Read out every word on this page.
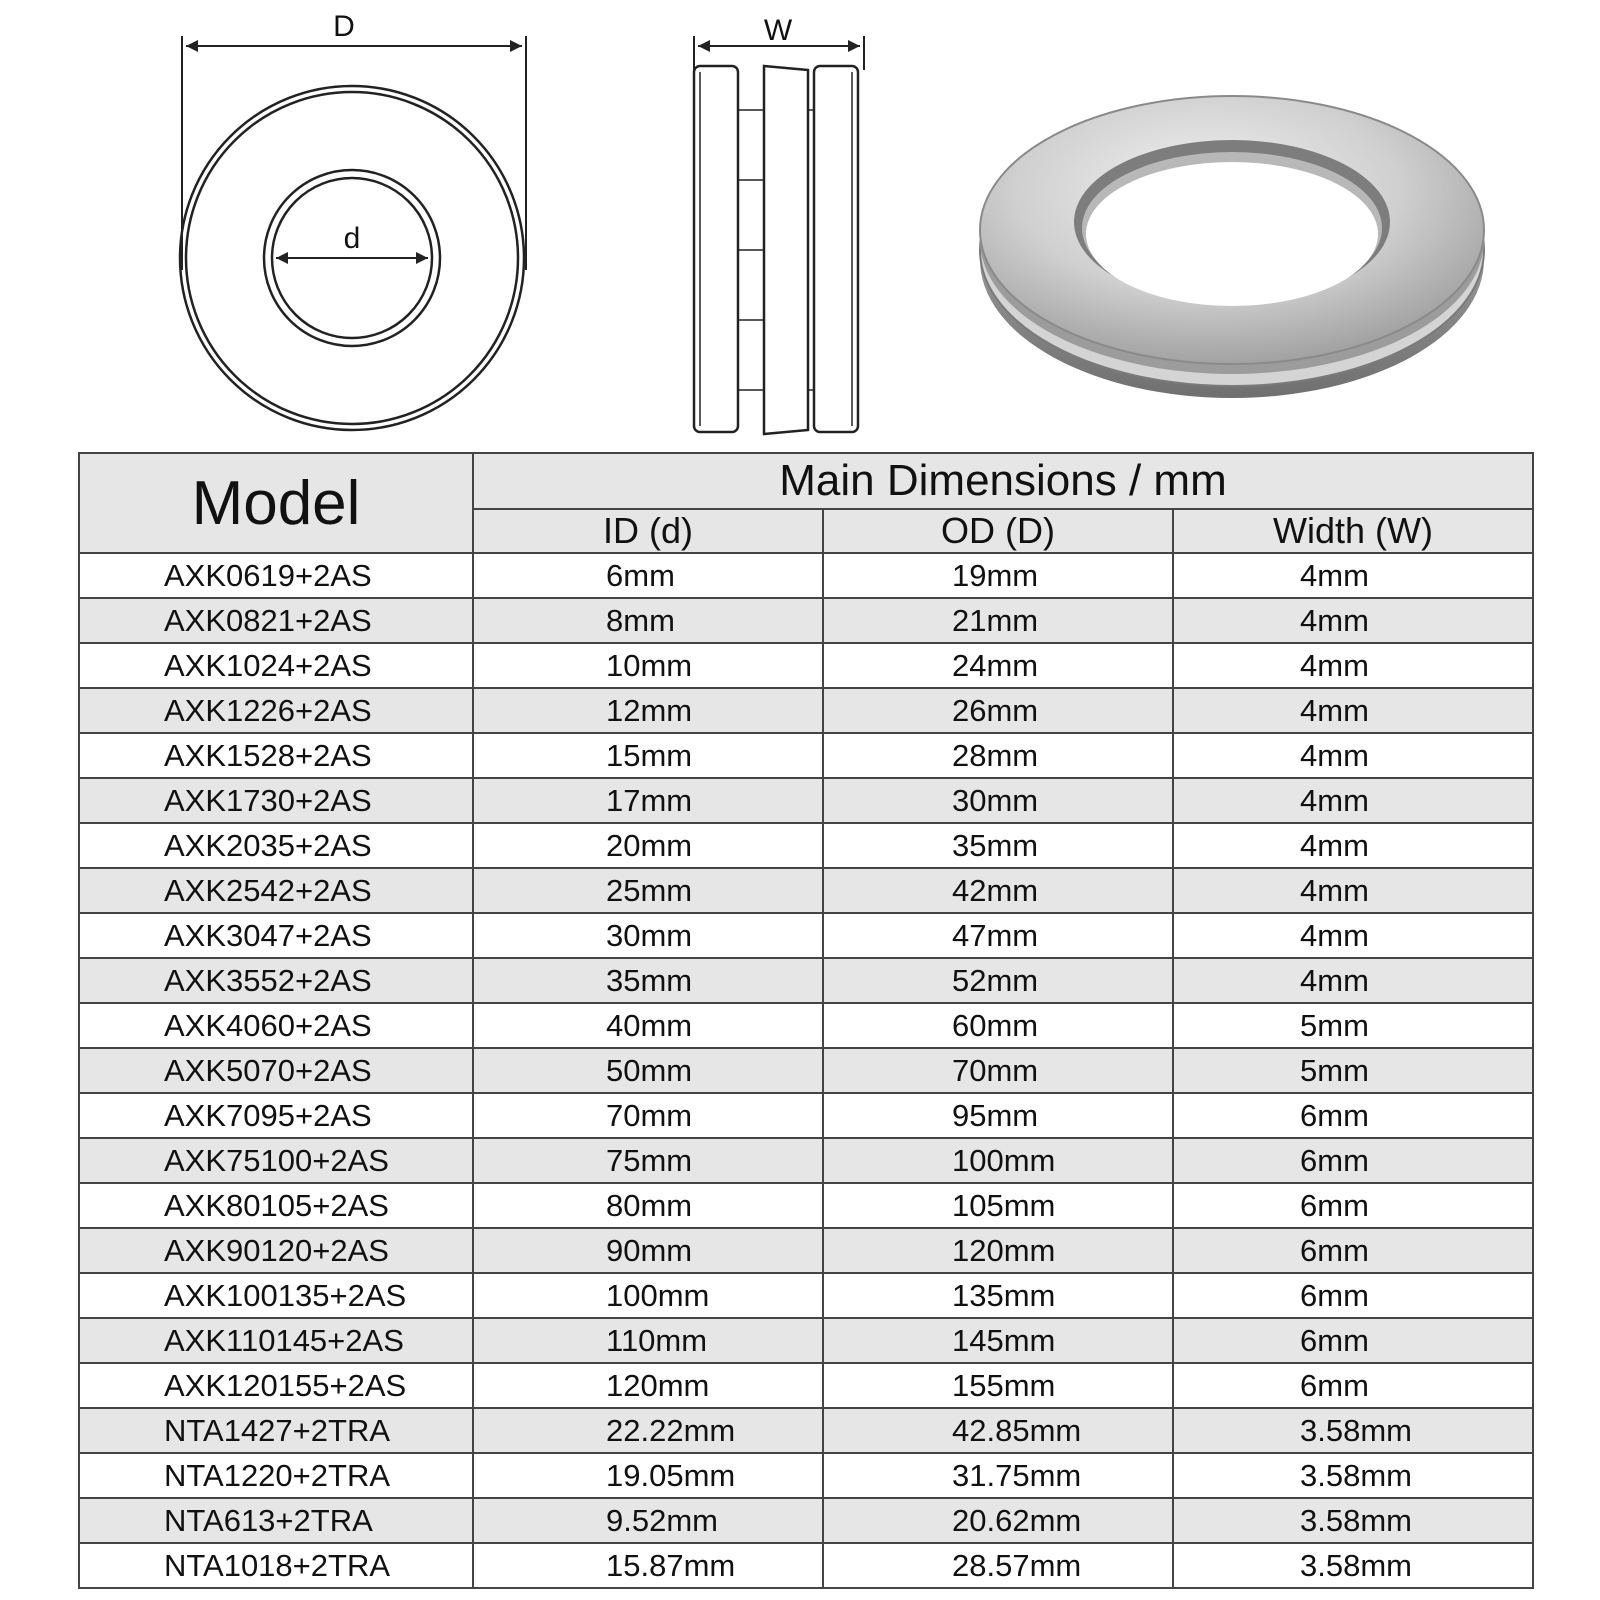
D
d
W
Model	Main Dimensions / mm		
	ID (d)	OD (D)	Width (W)
AXK0619+2AS	6mm	19mm	4mm
AXK0821+2AS	8mm	21mm	4mm
AXK1024+2AS	10mm	24mm	4mm
AXK1226+2AS	12mm	26mm	4mm
AXK1528+2AS	15mm	28mm	4mm
AXK1730+2AS	17mm	30mm	4mm
AXK2035+2AS	20mm	35mm	4mm
AXK2542+2AS	25mm	42mm	4mm
AXK3047+2AS	30mm	47mm	4mm
AXK3552+2AS	35mm	52mm	4mm
AXK4060+2AS	40mm	60mm	5mm
AXK5070+2AS	50mm	70mm	5mm
AXK7095+2AS	70mm	95mm	6mm
AXK75100+2AS	75mm	100mm	6mm
AXK80105+2AS	80mm	105mm	6mm
AXK90120+2AS	90mm	120mm	6mm
AXK100135+2AS	100mm	135mm	6mm
AXK110145+2AS	110mm	145mm	6mm
AXK120155+2AS	120mm	155mm	6mm
NTA1427+2TRA	22.22mm	42.85mm	3.58mm
NTA1220+2TRA	19.05mm	31.75mm	3.58mm
NTA613+2TRA	9.52mm	20.62mm	3.58mm
NTA1018+2TRA	15.87mm	28.57mm	3.58mm
